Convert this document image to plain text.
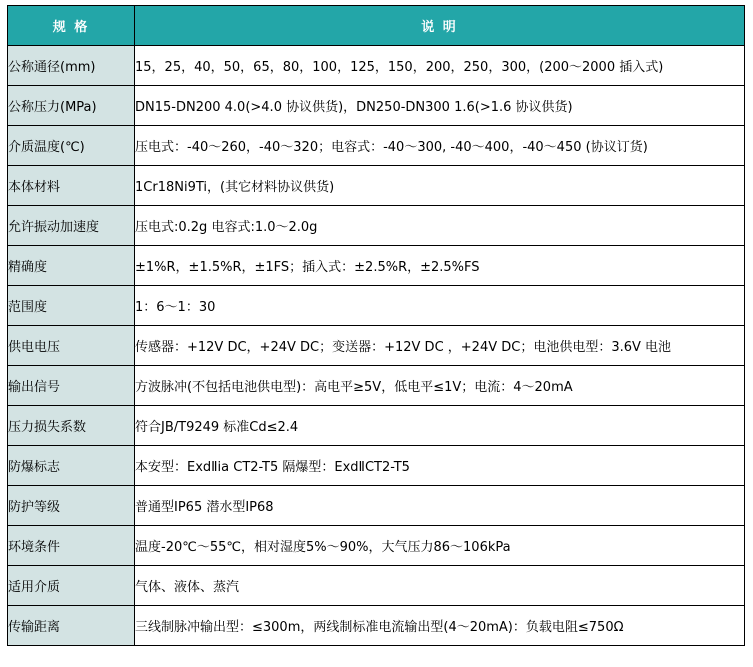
规 格	说 明
公称通径(mm)	15，25，40，50，65，80，100，125，150，200，250，300，(200～2000 插入式)
公称压力(MPa)	DN15-DN200 4.0(>4.0 协议供货)，DN250-DN300 1.6(>1.6 协议供货)
介质温度(℃)	压电式：-40～260，-40～320；电容式：-40～300, -40～400，-40～450 (协议订货)
本体材料	1Cr18Ni9Ti，(其它材料协议供货)
允许振动加速度	压电式:0.2g 电容式:1.0～2.0g
精确度	±1%R，±1.5%R，±1FS；插入式：±2.5%R，±2.5%FS
范围度	1：6～1：30
供电电压	传感器：+12V DC，+24V DC；变送器：+12V DC ，+24V DC；电池供电型：3.6V 电池
输出信号	方波脉冲(不包括电池供电型)：高电平≥5V，低电平≤1V；电流：4～20mA
压力损失系数	符合JB/T9249 标准Cd≤2.4
防爆标志	本安型：ExdⅡia CT2-T5 隔爆型：ExdⅡCT2-T5
防护等级	普通型IP65 潜水型IP68
环境条件	温度-20℃～55℃，相对湿度5%～90%，大气压力86～106kPa
适用介质	气体、液体、蒸汽
传输距离	三线制脉冲输出型：≤300m，两线制标准电流输出型(4～20mA)：负载电阻≤750Ω
